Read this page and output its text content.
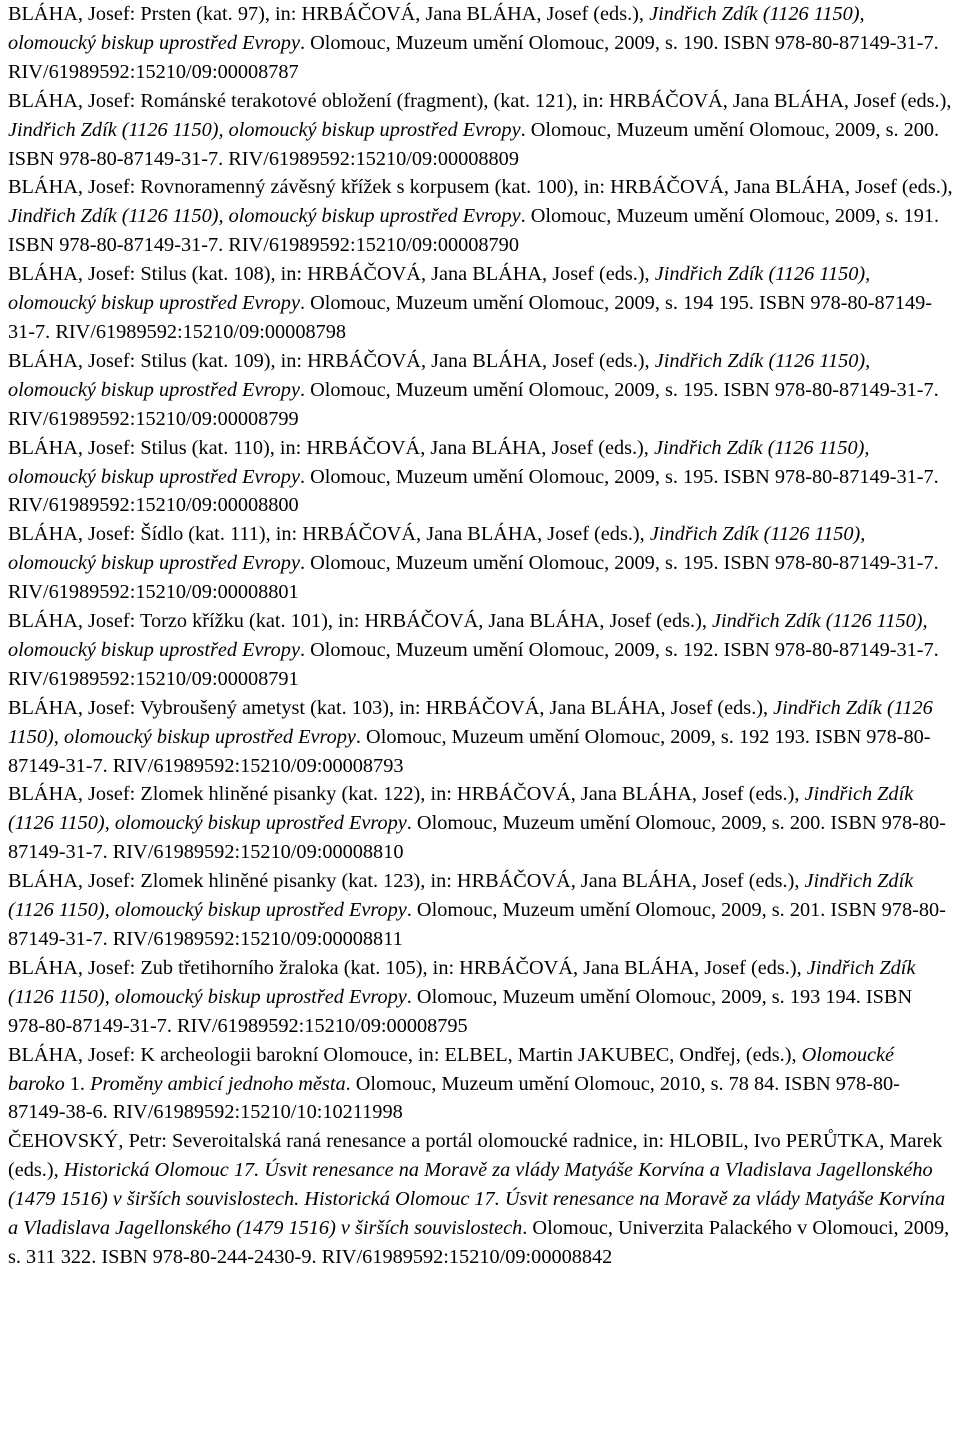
BLÁHA, Josef: Prsten (kat. 97), in: HRBÁČOVÁ, Jana BLÁHA, Josef (eds.), Jindřich Zdík (1126 1150), olomoucký biskup uprostřed Evropy. Olomouc, Muzeum umění Olomouc, 2009, s. 190. ISBN 978-80-87149-31-7. RIV/61989592:15210/09:00008787

BLÁHA, Josef: Románské terakotové obložení (fragment), (kat. 121), in: HRBÁČOVÁ, Jana BLÁHA, Josef (eds.), Jindřich Zdík (1126 1150), olomoucký biskup uprostřed Evropy. Olomouc, Muzeum umění Olomouc, 2009, s. 200. ISBN 978-80-87149-31-7. RIV/61989592:15210/09:00008809

BLÁHA, Josef: Rovnoramenný závěsný křížek s korpusem (kat. 100), in: HRBÁČOVÁ, Jana BLÁHA, Josef (eds.), Jindřich Zdík (1126 1150), olomoucký biskup uprostřed Evropy. Olomouc, Muzeum umění Olomouc, 2009, s. 191. ISBN 978-80-87149-31-7. RIV/61989592:15210/09:00008790

BLÁHA, Josef: Stilus (kat. 108), in: HRBÁČOVÁ, Jana BLÁHA, Josef (eds.), Jindřich Zdík (1126 1150), olomoucký biskup uprostřed Evropy. Olomouc, Muzeum umění Olomouc, 2009, s. 194 195. ISBN 978-80-87149-31-7. RIV/61989592:15210/09:00008798

BLÁHA, Josef: Stilus (kat. 109), in: HRBÁČOVÁ, Jana BLÁHA, Josef (eds.), Jindřich Zdík (1126 1150), olomoucký biskup uprostřed Evropy. Olomouc, Muzeum umění Olomouc, 2009, s. 195. ISBN 978-80-87149-31-7. RIV/61989592:15210/09:00008799

BLÁHA, Josef: Stilus (kat. 110), in: HRBÁČOVÁ, Jana BLÁHA, Josef (eds.), Jindřich Zdík (1126 1150), olomoucký biskup uprostřed Evropy. Olomouc, Muzeum umění Olomouc, 2009, s. 195. ISBN 978-80-87149-31-7. RIV/61989592:15210/09:00008800

BLÁHA, Josef: Šídlo (kat. 111), in: HRBÁČOVÁ, Jana BLÁHA, Josef (eds.), Jindřich Zdík (1126 1150), olomoucký biskup uprostřed Evropy. Olomouc, Muzeum umění Olomouc, 2009, s. 195. ISBN 978-80-87149-31-7. RIV/61989592:15210/09:00008801

BLÁHA, Josef: Torzo křížku (kat. 101), in: HRBÁČOVÁ, Jana BLÁHA, Josef (eds.), Jindřich Zdík (1126 1150), olomoucký biskup uprostřed Evropy. Olomouc, Muzeum umění Olomouc, 2009, s. 192. ISBN 978-80-87149-31-7. RIV/61989592:15210/09:00008791

BLÁHA, Josef: Vybroušený ametyst (kat. 103), in: HRBÁČOVÁ, Jana BLÁHA, Josef (eds.), Jindřich Zdík (1126 1150), olomoucký biskup uprostřed Evropy. Olomouc, Muzeum umění Olomouc, 2009, s. 192 193. ISBN 978-80-87149-31-7. RIV/61989592:15210/09:00008793

BLÁHA, Josef: Zlomek hliněné pisanky (kat. 122), in: HRBÁČOVÁ, Jana BLÁHA, Josef (eds.), Jindřich Zdík (1126 1150), olomoucký biskup uprostřed Evropy. Olomouc, Muzeum umění Olomouc, 2009, s. 200. ISBN 978-80-87149-31-7. RIV/61989592:15210/09:00008810

BLÁHA, Josef: Zlomek hliněné pisanky (kat. 123), in: HRBÁČOVÁ, Jana BLÁHA, Josef (eds.), Jindřich Zdík (1126 1150), olomoucký biskup uprostřed Evropy. Olomouc, Muzeum umění Olomouc, 2009, s. 201. ISBN 978-80-87149-31-7. RIV/61989592:15210/09:00008811

BLÁHA, Josef: Zub třetihorního žraloka (kat. 105), in: HRBÁČOVÁ, Jana BLÁHA, Josef (eds.), Jindřich Zdík (1126 1150), olomoucký biskup uprostřed Evropy. Olomouc, Muzeum umění Olomouc, 2009, s. 193 194. ISBN 978-80-87149-31-7. RIV/61989592:15210/09:00008795

BLÁHA, Josef: K archeologii barokní Olomouce, in: ELBEL, Martin JAKUBEC, Ondřej, (eds.), Olomoucké baroko 1. Proměny ambicí jednoho města. Olomouc, Muzeum umění Olomouc, 2010, s. 78 84. ISBN 978-80-87149-38-6. RIV/61989592:15210/10:10211998

ČEHOVSKÝ, Petr: Severoitalská raná renesance a portál olomoucké radnice, in: HLOBIL, Ivo PERŮTKA, Marek (eds.), Historická Olomouc 17. Úsvit renesance na Moravě za vlády Matyáše Korvína a Vladislava Jagellonského (1479 1516) v širších souvislostech. Historická Olomouc 17. Úsvit renesance na Moravě za vlády Matyáše Korvína a Vladislava Jagellonského (1479 1516) v širších souvislostech. Olomouc, Univerzita Palackého v Olomouci, 2009, s. 311 322. ISBN 978-80-244-2430-9. RIV/61989592:15210/09:00008842
